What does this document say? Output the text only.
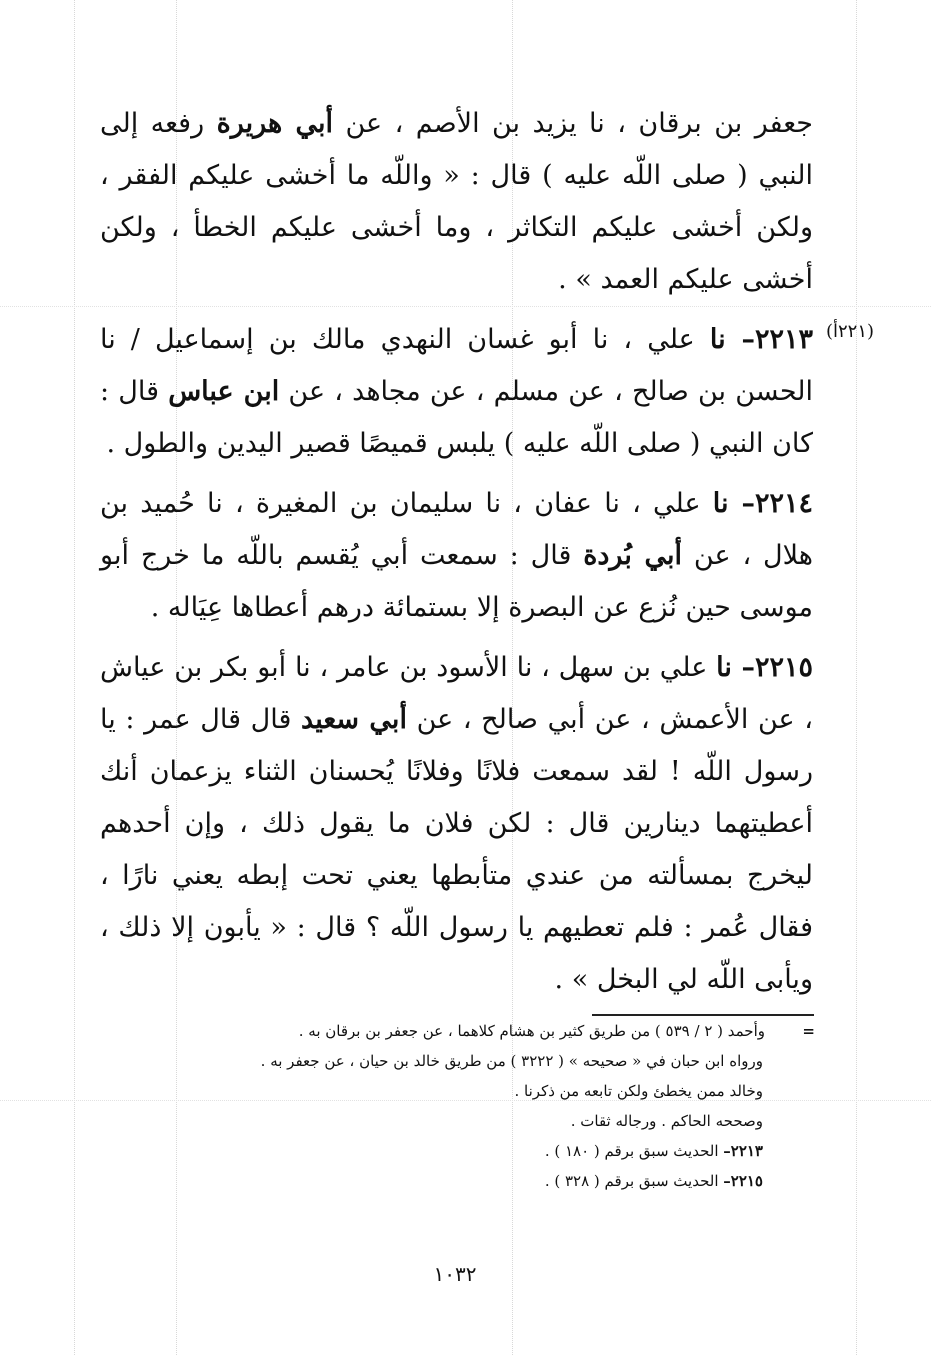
(٢٢١أ)

جعفر بن برقان ، نا يزيد بن الأصم ، عن أبي هريرة رفعه إلى النبي ( صلى اللّه عليه ) قال : « واللّه ما أخشى عليكم الفقر ، ولكن أخشى عليكم التكاثر ، وما أخشى عليكم الخطأ ، ولكن أخشى عليكم العمد » .

٢٢١٣– نا علي ، نا أبو غسان النهدي مالك بن إسماعيل / نا الحسن بن صالح ، عن مسلم ، عن مجاهد ، عن ابن عباس قال : كان النبي ( صلى اللّه عليه ) يلبس قميصًا قصير اليدين والطول .

٢٢١٤– نا علي ، نا عفان ، نا سليمان بن المغيرة ، نا حُميد بن هلال ، عن أبي بُردة قال : سمعت أبي يُقسم باللّه ما خرج أبو موسى حين نُزع عن البصرة إلا بستمائة درهم أعطاها عِيَاله .

٢٢١٥– نا علي بن سهل ، نا الأسود بن عامر ، نا أبو بكر بن عياش ، عن الأعمش ، عن أبي صالح ، عن أبي سعيد قال قال عمر : يا رسول اللّه ! لقد سمعت فلانًا وفلانًا يُحسنان الثناء يزعمان أنك أعطيتهما دينارين قال : لكن فلان ما يقول ذلك ، وإن أحدهم ليخرج بمسألته من عندي متأبطها يعني تحت إبطه يعني نارًا ، فقال عُمر : فلم تعطيهم يا رسول اللّه ؟ قال : « يأبون إلا ذلك ، ويأبى اللّه لي البخل » .

=وأحمد ( ٢ / ٥٣٩ ) من طريق كثير بن هشام كلاهما ، عن جعفر بن برقان به .

ورواه ابن حبان في « صحيحه » ( ٣٢٢٢ ) من طريق خالد بن حيان ، عن جعفر به .

وخالد ممن يخطئ ولكن تابعه من ذكرنا .

وصححه الحاكم . ورجاله ثقات .

٢٢١٣– الحديث سبق برقم ( ١٨٠ ) .

٢٢١٥– الحديث سبق برقم ( ٣٢٨ ) .

١٠٣٢
